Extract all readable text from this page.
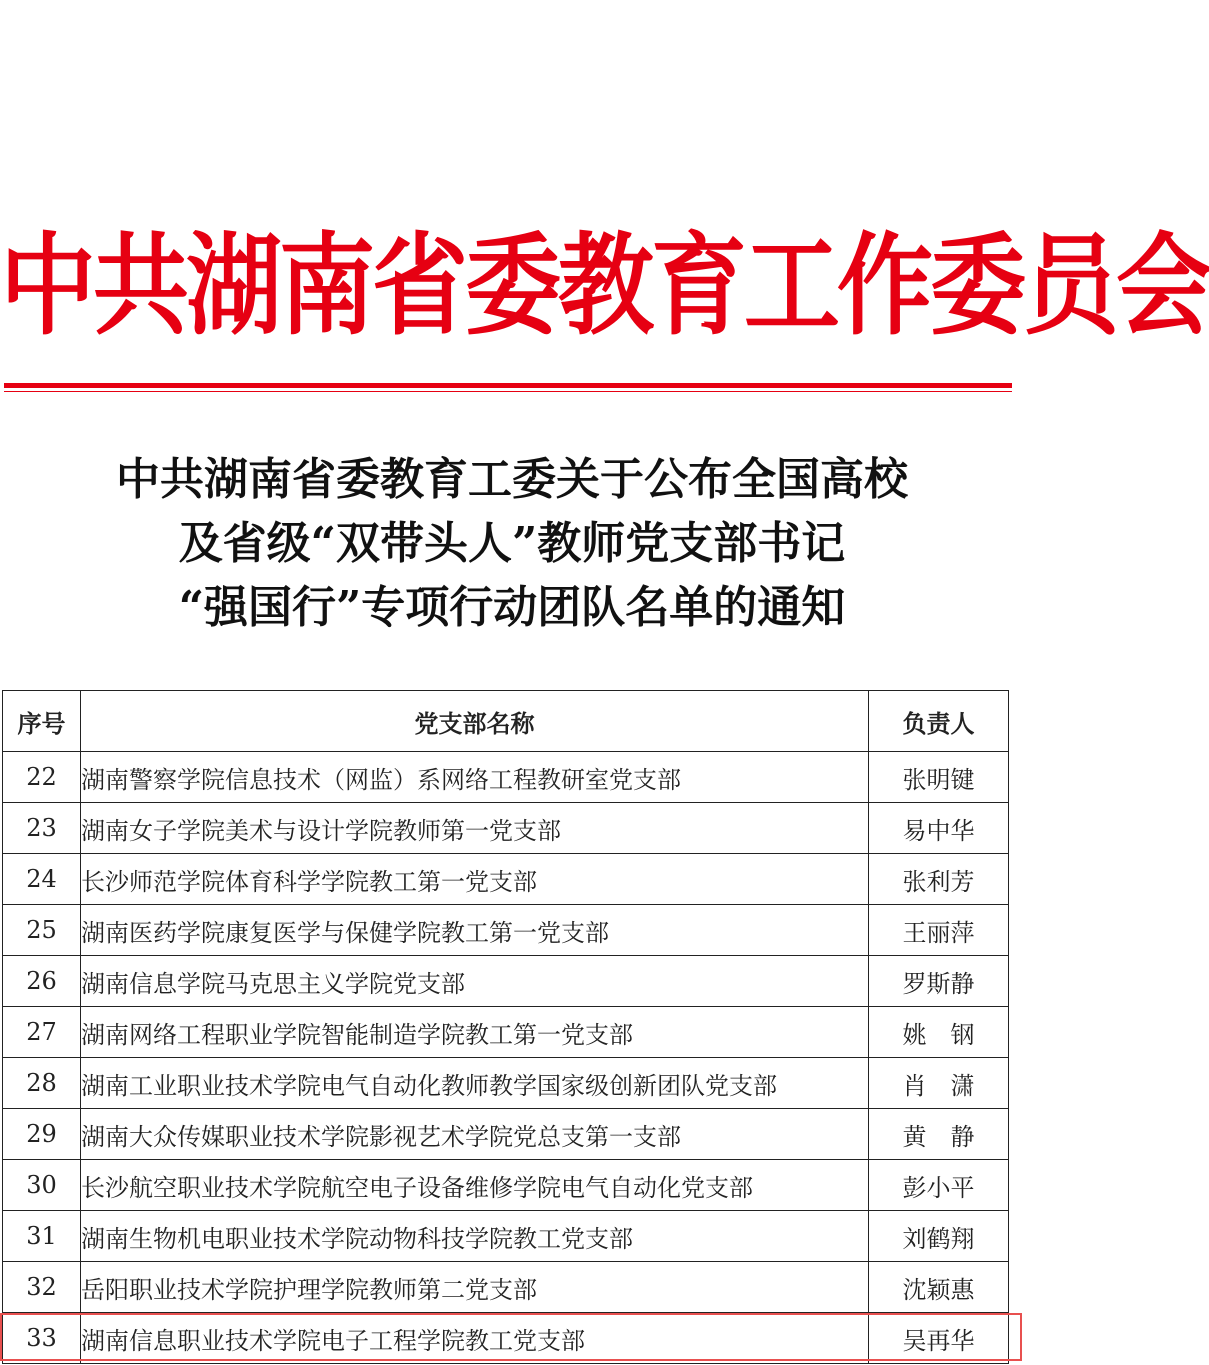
中共湖南省委教育工作委员会
中共湖南省委教育工委关于公布全国高校
及省级“双带头人”教师党支部书记
“强国行”专项行动团队名单的通知
序号	党支部名称	负责人
22	湖南警察学院信息技术（网监）系网络工程教研室党支部	张明键
23	湖南女子学院美术与设计学院教师第一党支部	易中华
24	长沙师范学院体育科学学院教工第一党支部	张利芳
25	湖南医药学院康复医学与保健学院教工第一党支部	王丽萍
26	湖南信息学院马克思主义学院党支部	罗斯静
27	湖南网络工程职业学院智能制造学院教工第一党支部	姚　钢
28	湖南工业职业技术学院电气自动化教师教学国家级创新团队党支部	肖　潇
29	湖南大众传媒职业技术学院影视艺术学院党总支第一支部	黄　静
30	长沙航空职业技术学院航空电子设备维修学院电气自动化党支部	彭小平
31	湖南生物机电职业技术学院动物科技学院教工党支部	刘鹤翔
32	岳阳职业技术学院护理学院教师第二党支部	沈颖惠
33	湖南信息职业技术学院电子工程学院教工党支部	吴再华
